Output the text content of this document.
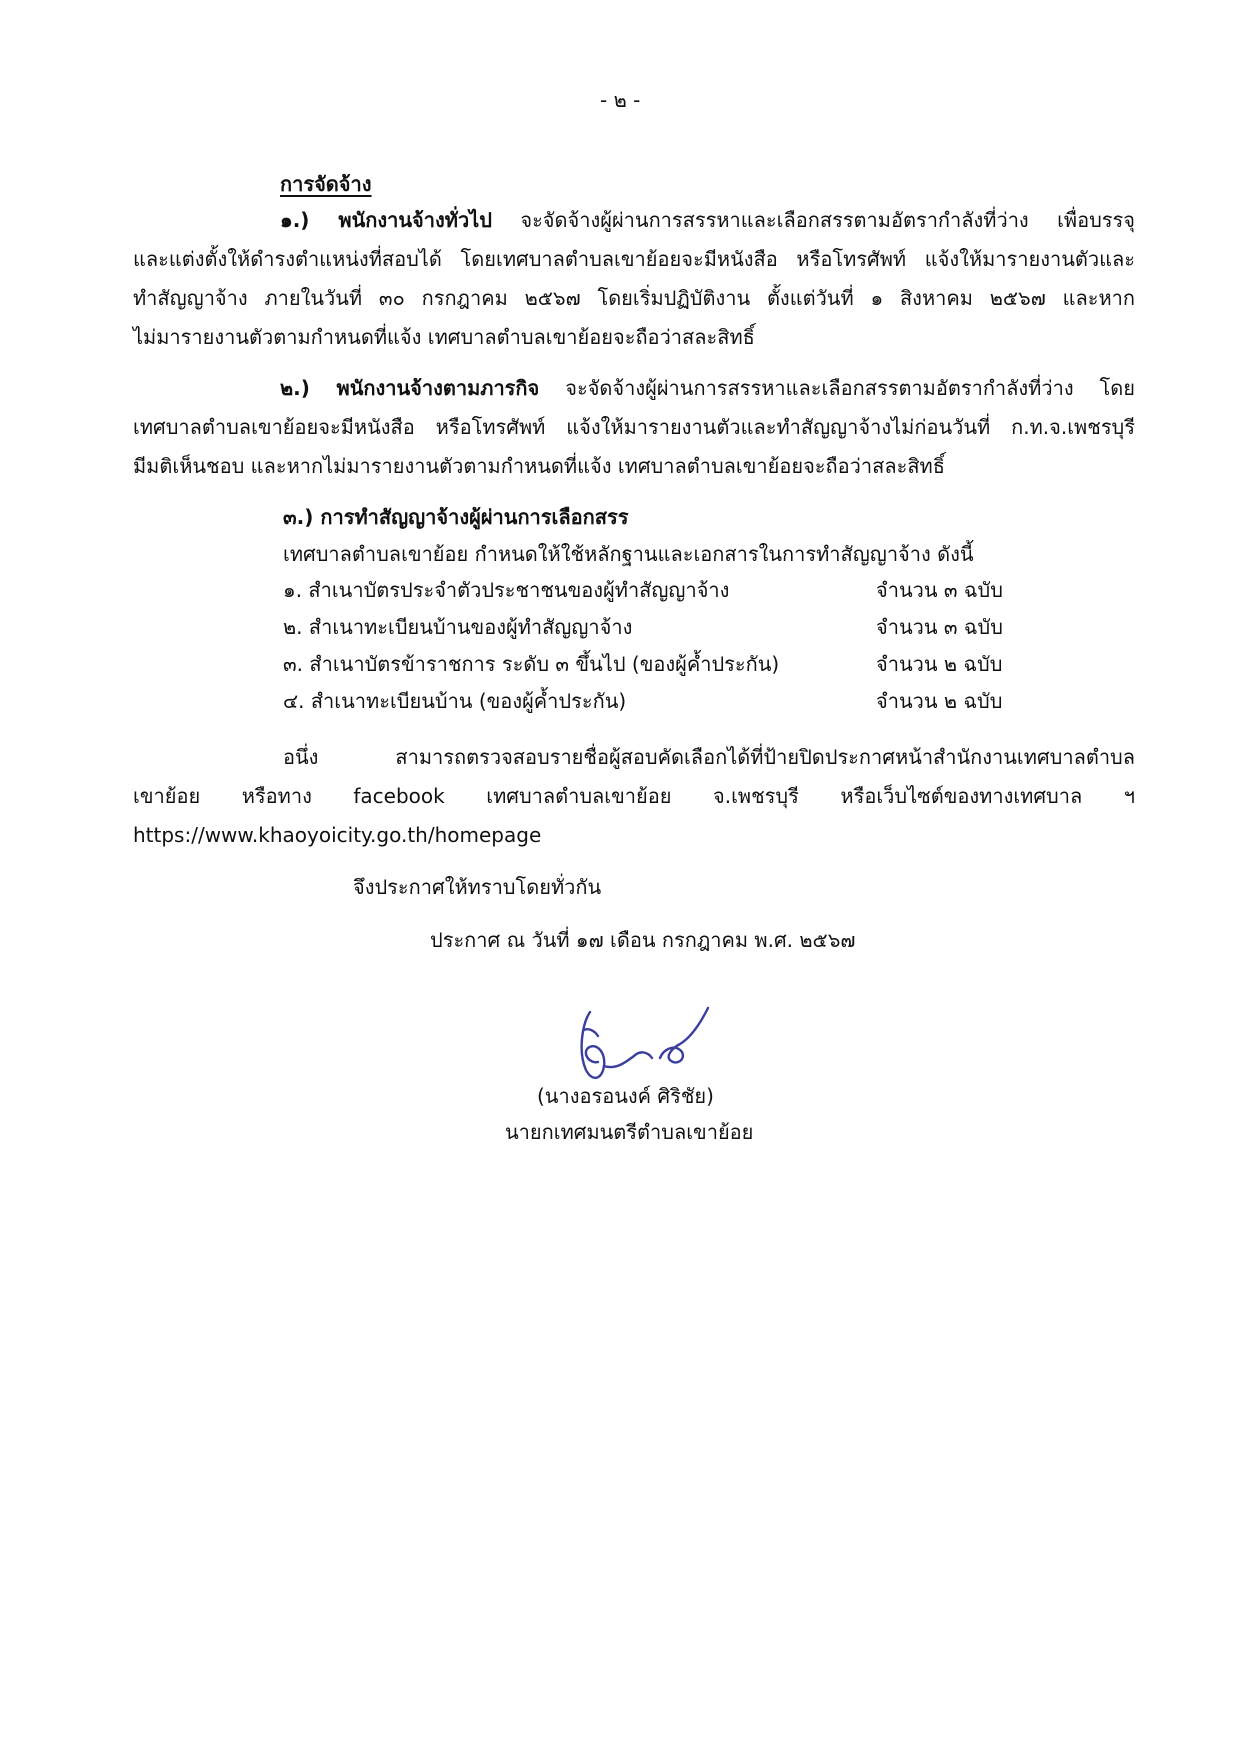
- ๒ -
การจัดจ้าง
๑.) พนักงานจ้างทั่วไป จะจัดจ้างผู้ผ่านการสรรหาและเลือกสรรตามอัตรากำลังที่ว่าง เพื่อบรรจุ
และแต่งตั้งให้ดำรงตำแหน่งที่สอบได้ โดยเทศบาลตำบลเขาย้อยจะมีหนังสือ หรือโทรศัพท์ แจ้งให้มารายงานตัวและ
ทำสัญญาจ้าง ภายในวันที่ ๓๐ กรกฎาคม ๒๕๖๗ โดยเริ่มปฏิบัติงาน ตั้งแต่วันที่ ๑ สิงหาคม ๒๕๖๗ และหาก
ไม่มารายงานตัวตามกำหนดที่แจ้ง เทศบาลตำบลเขาย้อยจะถือว่าสละสิทธิ์
๒.) พนักงานจ้างตามภารกิจ จะจัดจ้างผู้ผ่านการสรรหาและเลือกสรรตามอัตรากำลังที่ว่าง โดย
เทศบาลตำบลเขาย้อยจะมีหนังสือ หรือโทรศัพท์ แจ้งให้มารายงานตัวและทำสัญญาจ้างไม่ก่อนวันที่ ก.ท.จ.เพชรบุรี
มีมติเห็นชอบ และหากไม่มารายงานตัวตามกำหนดที่แจ้ง เทศบาลตำบลเขาย้อยจะถือว่าสละสิทธิ์
๓.) การทำสัญญาจ้างผู้ผ่านการเลือกสรร
เทศบาลตำบลเขาย้อย กำหนดให้ใช้หลักฐานและเอกสารในการทำสัญญาจ้าง ดังนี้
๑. สำเนาบัตรประจำตัวประชาชนของผู้ทำสัญญาจ้าง	จำนวน ๓ ฉบับ
๒. สำเนาทะเบียนบ้านของผู้ทำสัญญาจ้าง	จำนวน ๓ ฉบับ
๓. สำเนาบัตรข้าราชการ ระดับ ๓ ขึ้นไป (ของผู้ค้ำประกัน)	จำนวน ๒ ฉบับ
๔. สำเนาทะเบียนบ้าน (ของผู้ค้ำประกัน)	จำนวน ๒ ฉบับ
อนึ่ง สามารถตรวจสอบรายชื่อผู้สอบคัดเลือกได้ที่ป้ายปิดประกาศหน้าสำนักงานเทศบาลตำบล
เขาย้อย หรือทาง facebook เทศบาลตำบลเขาย้อย จ.เพชรบุรี หรือเว็บไซต์ของทางเทศบาล ฯ
https://www.khaoyoicity.go.th/homepage
จึงประกาศให้ทราบโดยทั่วกัน
ประกาศ ณ วันที่ ๑๗ เดือน กรกฎาคม พ.ศ. ๒๕๖๗
(นางอรอนงค์ ศิริชัย)
นายกเทศมนตรีตำบลเขาย้อย
